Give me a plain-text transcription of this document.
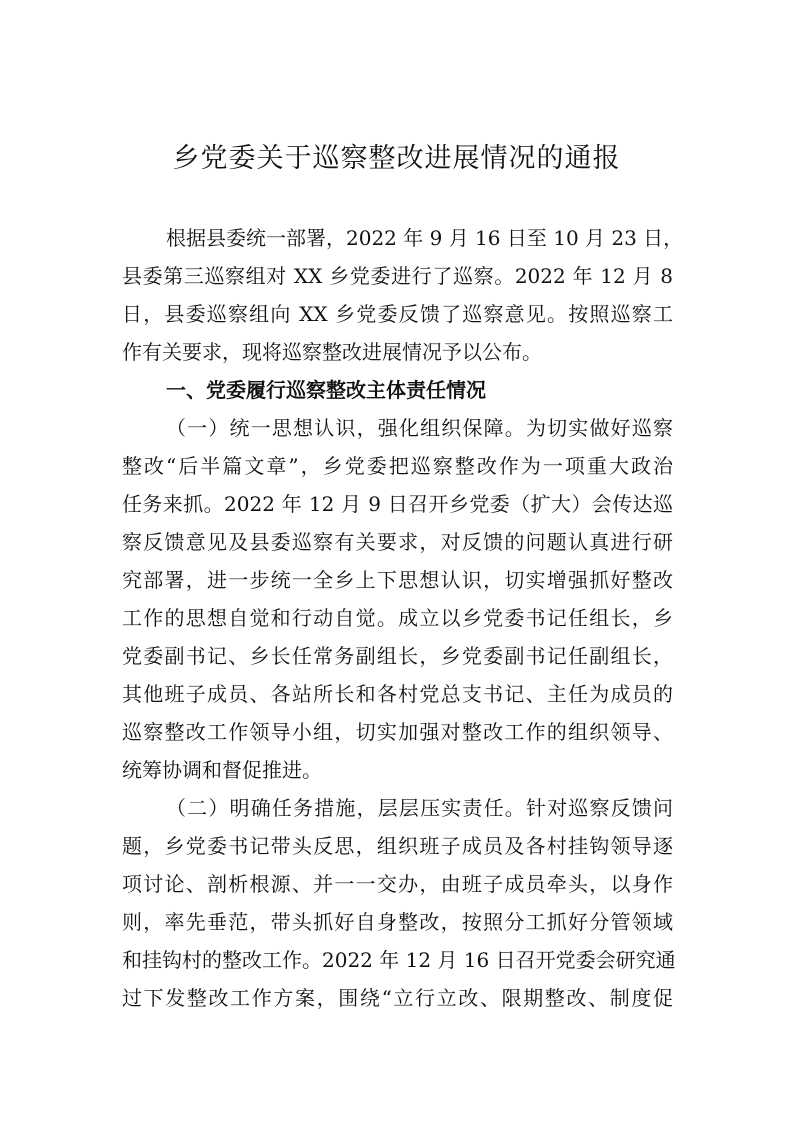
乡党委关于巡察整改进展情况的通报
根据县委统一部署，2022 年 9 月 16 日至 10 月 23 日，
县委第三巡察组对 XX 乡党委进行了巡察。2022 年 12 月 8
日，县委巡察组向 XX 乡党委反馈了巡察意见。按照巡察工
作有关要求，现将巡察整改进展情况予以公布。
一、党委履行巡察整改主体责任情况
（一）统一思想认识，强化组织保障。为切实做好巡察
整改“后半篇文章”，乡党委把巡察整改作为一项重大政治
任务来抓。2022 年 12 月 9 日召开乡党委（扩大）会传达巡
察反馈意见及县委巡察有关要求，对反馈的问题认真进行研
究部署，进一步统一全乡上下思想认识，切实增强抓好整改
工作的思想自觉和行动自觉。成立以乡党委书记任组长，乡
党委副书记、乡长任常务副组长，乡党委副书记任副组长，
其他班子成员、各站所长和各村党总支书记、主任为成员的
巡察整改工作领导小组，切实加强对整改工作的组织领导、
统筹协调和督促推进。
（二）明确任务措施，层层压实责任。针对巡察反馈问
题，乡党委书记带头反思，组织班子成员及各村挂钩领导逐
项讨论、剖析根源、并一一交办，由班子成员牵头，以身作
则，率先垂范，带头抓好自身整改，按照分工抓好分管领域
和挂钩村的整改工作。2022 年 12 月 16 日召开党委会研究通
过下发整改工作方案，围绕“立行立改、限期整改、制度促
